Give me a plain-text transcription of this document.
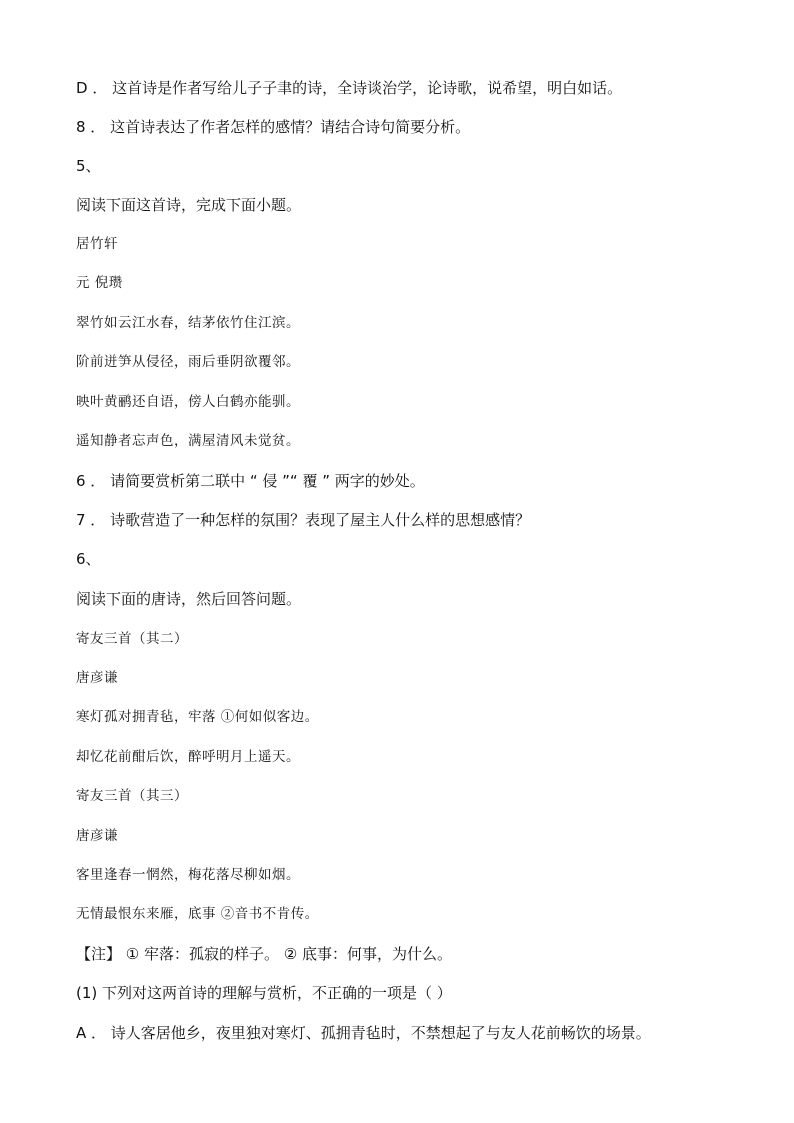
D ． 这首诗是作者写给儿子子聿的诗，全诗谈治学，论诗歌，说希望，明白如话。
8 ． 这首诗表达了作者怎样的感情？请结合诗句简要分析。
5、
阅读下面这首诗，完成下面小题。
居竹轩
元 倪瓒
翠竹如云江水春，结茅依竹住江滨。
阶前迸笋从侵径，雨后垂阴欲覆邻。
映叶黄鹂还自语，傍人白鹤亦能驯。
遥知静者忘声色，满屋清风未觉贫。
6 ． 请简要赏析第二联中 “ 侵 ”“ 覆 ” 两字的妙处。
7 ． 诗歌营造了一种怎样的氛围？表现了屋主人什么样的思想感情？
6、
阅读下面的唐诗，然后回答问题。
寄友三首（其二）
唐彦谦
寒灯孤对拥青毡，牢落 ①何如似客边。
却忆花前酣后饮，醉呼明月上遥天。
寄友三首（其三）
唐彦谦
客里逢春一惘然，梅花落尽柳如烟。
无情最恨东来雁，底事 ②音书不肯传。
【注】 ① 牢落：孤寂的样子。 ② 底事：何事，为什么。
(1) 下列对这两首诗的理解与赏析，不正确的一项是（ ）
A ． 诗人客居他乡，夜里独对寒灯、孤拥青毡时，不禁想起了与友人花前畅饮的场景。
